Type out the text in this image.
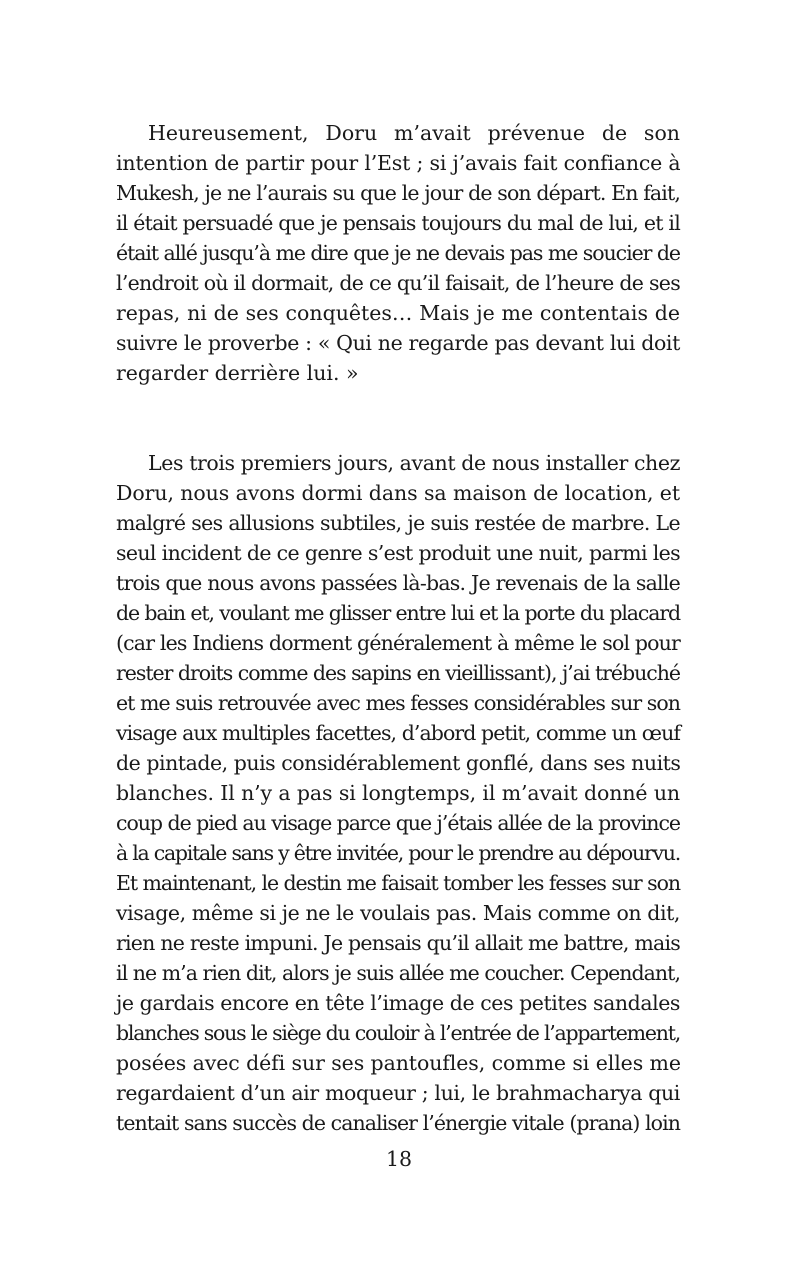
Heureusement, Doru m’avait prévenue de son
intention de partir pour l’Est ; si j’avais fait confiance à
Mukesh, je ne l’aurais su que le jour de son départ. En fait,
il était persuadé que je pensais toujours du mal de lui, et il
était allé jusqu’à me dire que je ne devais pas me soucier de
l’endroit où il dormait, de ce qu’il faisait, de l’heure de ses
repas, ni de ses conquêtes… Mais je me contentais de
suivre le proverbe : « Qui ne regarde pas devant lui doit
regarder derrière lui. »
Les trois premiers jours, avant de nous installer chez
Doru, nous avons dormi dans sa maison de location, et
malgré ses allusions subtiles, je suis restée de marbre. Le
seul incident de ce genre s’est produit une nuit, parmi les
trois que nous avons passées là-bas. Je revenais de la salle
de bain et, voulant me glisser entre lui et la porte du placard
(car les Indiens dorment généralement à même le sol pour
rester droits comme des sapins en vieillissant), j’ai trébuché
et me suis retrouvée avec mes fesses considérables sur son
visage aux multiples facettes, d’abord petit, comme un œuf
de pintade, puis considérablement gonflé, dans ses nuits
blanches. Il n’y a pas si longtemps, il m’avait donné un
coup de pied au visage parce que j’étais allée de la province
à la capitale sans y être invitée, pour le prendre au dépourvu.
Et maintenant, le destin me faisait tomber les fesses sur son
visage, même si je ne le voulais pas. Mais comme on dit,
rien ne reste impuni. Je pensais qu’il allait me battre, mais
il ne m’a rien dit, alors je suis allée me coucher. Cependant,
je gardais encore en tête l’image de ces petites sandales
blanches sous le siège du couloir à l’entrée de l’appartement,
posées avec défi sur ses pantoufles, comme si elles me
regardaient d’un air moqueur ; lui, le brahmacharya qui
tentait sans succès de canaliser l’énergie vitale (prana) loin
18
